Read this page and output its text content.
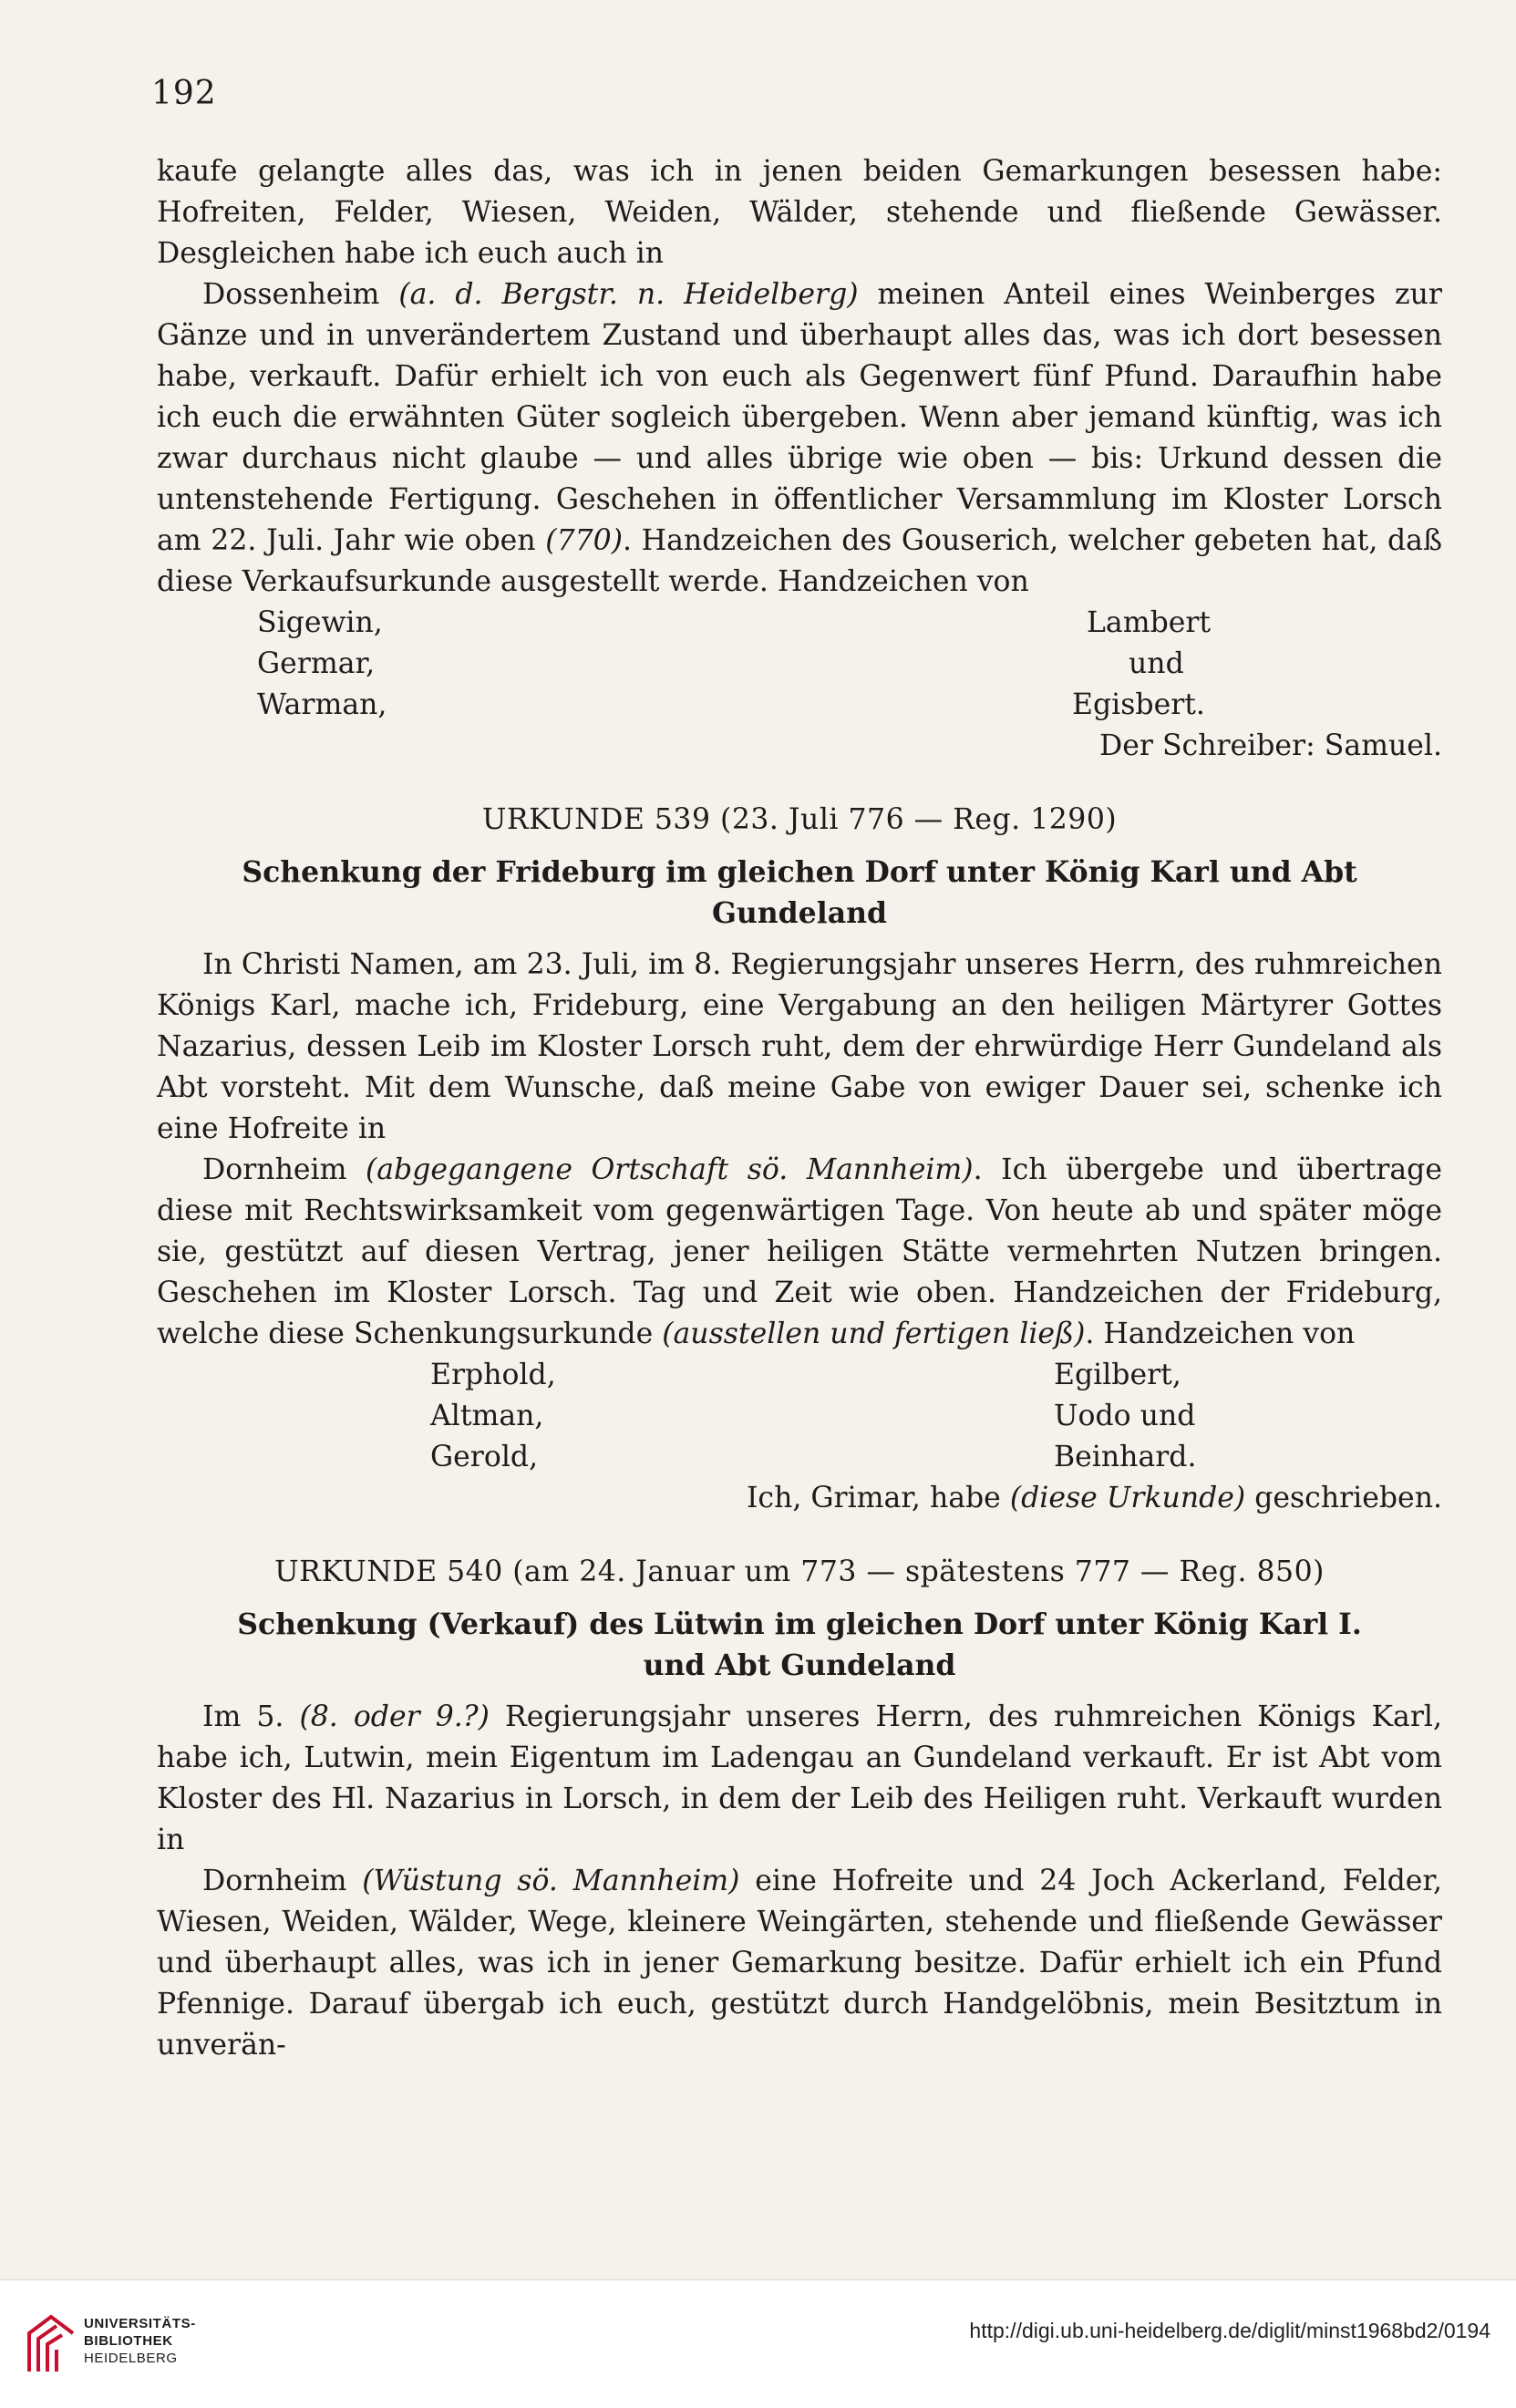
192

kaufe gelangte alles das, was ich in jenen beiden Gemarkungen besessen habe: Hofreiten, Felder, Wiesen, Weiden, Wälder, stehende und fließende Gewässer. Desgleichen habe ich euch auch in

Dossenheim (a. d. Bergstr. n. Heidelberg) meinen Anteil eines Weinberges zur Gänze und in unverändertem Zustand und überhaupt alles das, was ich dort besessen habe, verkauft. Dafür erhielt ich von euch als Gegenwert fünf Pfund. Daraufhin habe ich euch die erwähnten Güter sogleich übergeben. Wenn aber jemand künftig, was ich zwar durchaus nicht glaube — und alles übrige wie oben — bis: Urkund dessen die untenstehende Fertigung. Geschehen in öffentlicher Versammlung im Kloster Lorsch am 22. Juli. Jahr wie oben (770). Handzeichen des Gouserich, welcher gebeten hat, daß diese Verkaufsurkunde ausgestellt werde. Handzeichen von

Sigewin,	Lambert
Germar,	und
Warman,	Egisbert.

Der Schreiber: Samuel.

URKUNDE 539 (23. Juli 776 — Reg. 1290)

Schenkung der Frideburg im gleichen Dorf unter König Karl und Abt Gundeland

In Christi Namen, am 23. Juli, im 8. Regierungsjahr unseres Herrn, des ruhmreichen Königs Karl, mache ich, Frideburg, eine Vergabung an den heiligen Märtyrer Gottes Nazarius, dessen Leib im Kloster Lorsch ruht, dem der ehrwürdige Herr Gundeland als Abt vorsteht. Mit dem Wunsche, daß meine Gabe von ewiger Dauer sei, schenke ich eine Hofreite in

Dornheim (abgegangene Ortschaft sö. Mannheim). Ich übergebe und übertrage diese mit Rechtswirksamkeit vom gegenwärtigen Tage. Von heute ab und später möge sie, gestützt auf diesen Vertrag, jener heiligen Stätte vermehrten Nutzen bringen. Geschehen im Kloster Lorsch. Tag und Zeit wie oben. Handzeichen der Frideburg, welche diese Schenkungsurkunde (ausstellen und fertigen ließ). Handzeichen von

Erphold,	Egilbert,
Altman,	Uodo und
Gerold,	Beinhard.

Ich, Grimar, habe (diese Urkunde) geschrieben.

URKUNDE 540 (am 24. Januar um 773 — spätestens 777 — Reg. 850)

Schenkung (Verkauf) des Lütwin im gleichen Dorf unter König Karl I.

und Abt Gundeland

Im 5. (8. oder 9.?) Regierungsjahr unseres Herrn, des ruhmreichen Königs Karl, habe ich, Lutwin, mein Eigentum im Ladengau an Gundeland verkauft. Er ist Abt vom Kloster des Hl. Nazarius in Lorsch, in dem der Leib des Heiligen ruht. Verkauft wurden in

Dornheim (Wüstung sö. Mannheim) eine Hofreite und 24 Joch Ackerland, Felder, Wiesen, Weiden, Wälder, Wege, kleinere Weingärten, stehende und fließende Gewässer und überhaupt alles, was ich in jener Gemarkung besitze. Dafür erhielt ich ein Pfund Pfennige. Darauf übergab ich euch, gestützt durch Handgelöbnis, mein Besitztum in unverän-

UNIVERSITÄTS-
BIBLIOTHEK
HEIDELBERG
http://digi.ub.uni-heidelberg.de/diglit/minst1968bd2/0194
